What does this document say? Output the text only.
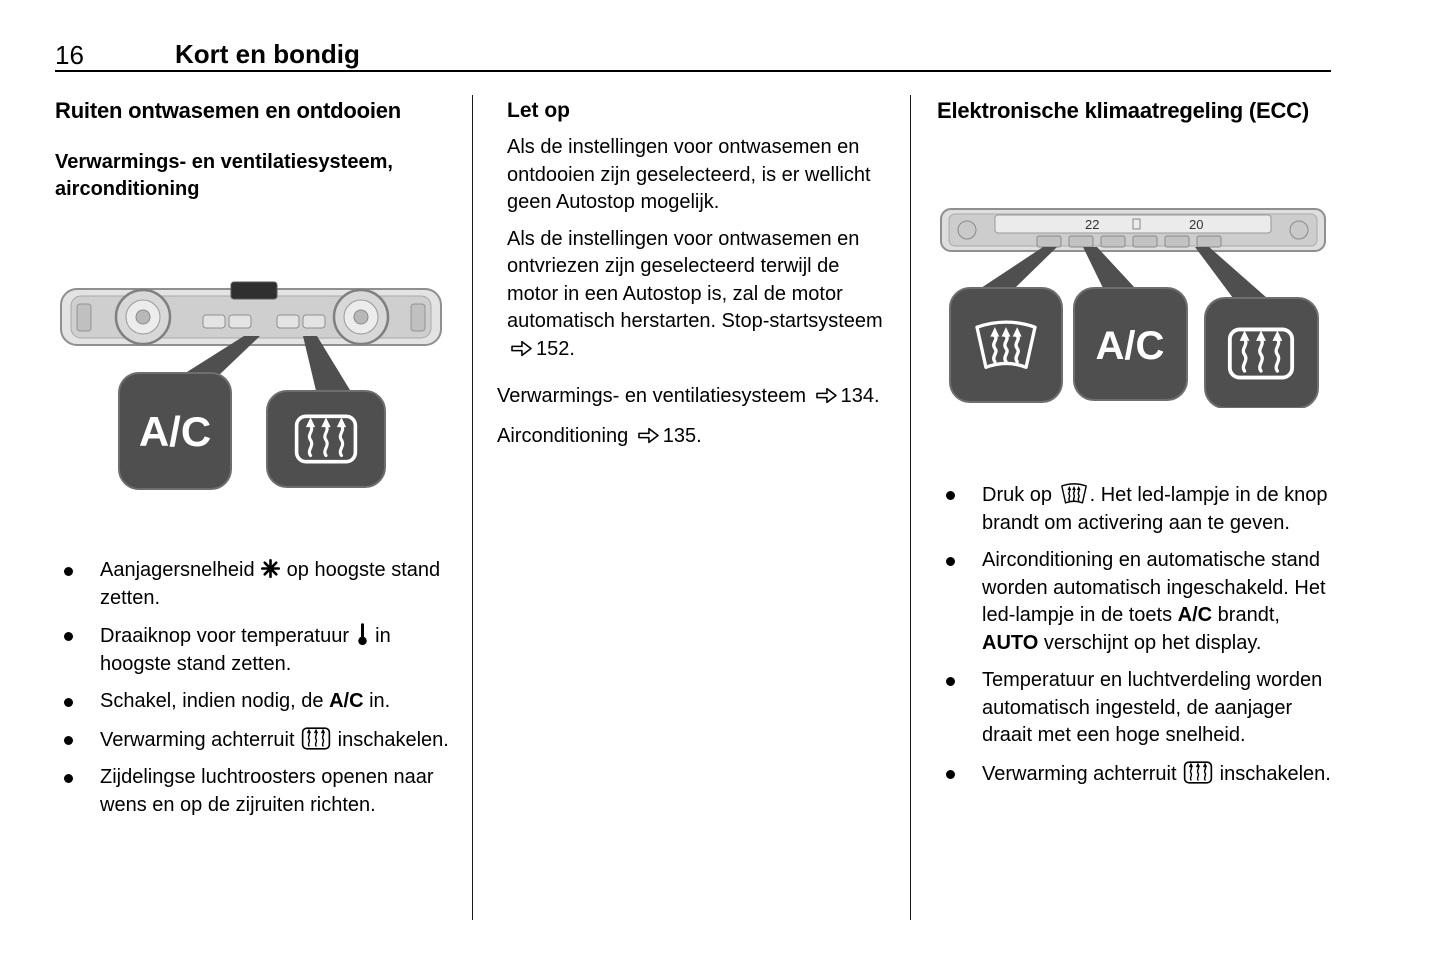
16	Kort en bondig
Ruiten ontwasemen en ontdooien
Verwarmings- en ventilatiesysteem, airconditioning
A/C

Aanjagersnelheid  op hoogste stand zetten.

Draaiknop voor temperatuur  in hoogste stand zetten.

Schakel, indien nodig, de A/C in.

Verwarming achterruit  inschakelen.

Zijdelingse luchtroosters openen naar wens en op de zijruiten richten.

Let op

Als de instellingen voor ontwasemen en ontdooien zijn geselecteerd, is er wellicht geen Autostop mogelijk.

Als de instellingen voor ontwasemen en ontvriezen zijn geselecteerd terwijl de motor in een Autostop is, zal de motor automatisch herstarten. Stop-startsysteem 152.

Verwarmings- en ventilatiesysteem 134.

Airconditioning 135.

Elektronische klimaatregeling (ECC)
22	20
A/C

Druk op . Het led-lampje in de knop brandt om activering aan te geven.

Airconditioning en automatische stand worden automatisch ingeschakeld. Het led-lampje in de toets A/C brandt, AUTO verschijnt op het display.

Temperatuur en luchtverdeling worden automatisch ingesteld, de aanjager draait met een hoge snelheid.

Verwarming achterruit  inschakelen.
